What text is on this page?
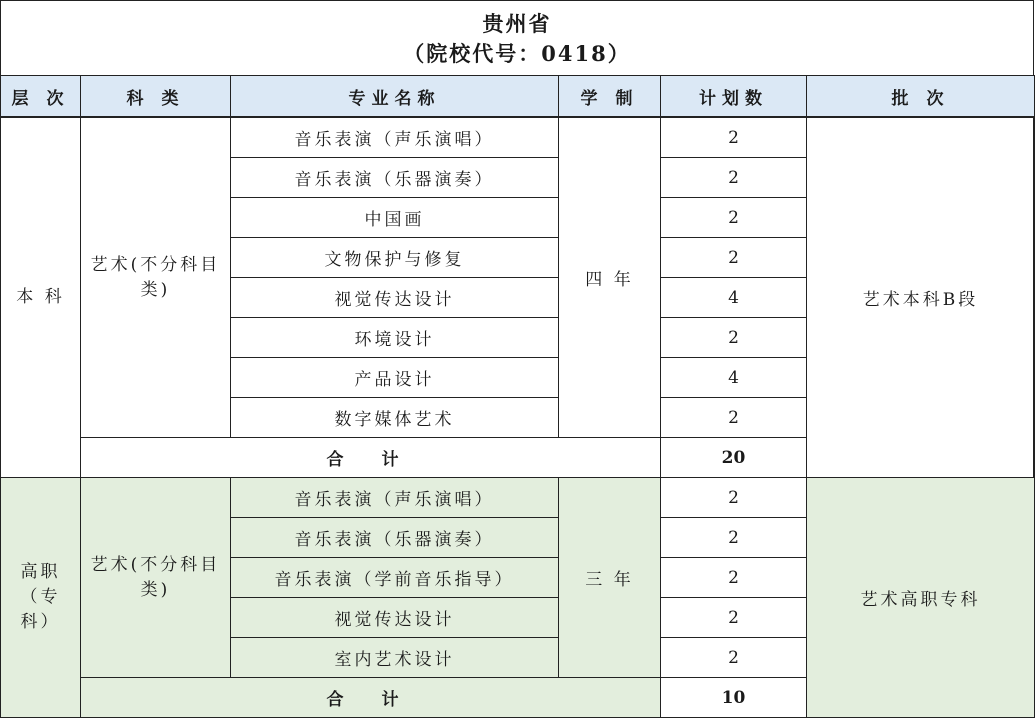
贵州省
（院校代号：0418）
层 次	科 类	专业名称	学 制	计划数	批 次
本 科	艺术(不分科目类)	音乐表演（声乐演唱）	四 年	2	艺术本科B段
		音乐表演（乐器演奏）		2	
		中国画		2	
		文物保护与修复		2	
		视觉传达设计		4	
		环境设计		2	
		产品设计		4	
		数字媒体艺术		2	
	合 计			20	
高职
（专
科）	艺术(不分科目类)	音乐表演（声乐演唱）	三 年	2	艺术高职专科
		音乐表演（乐器演奏）		2	
		音乐表演（学前音乐指导）		2	
		视觉传达设计		2	
		室内艺术设计		2	
	合 计			10	
